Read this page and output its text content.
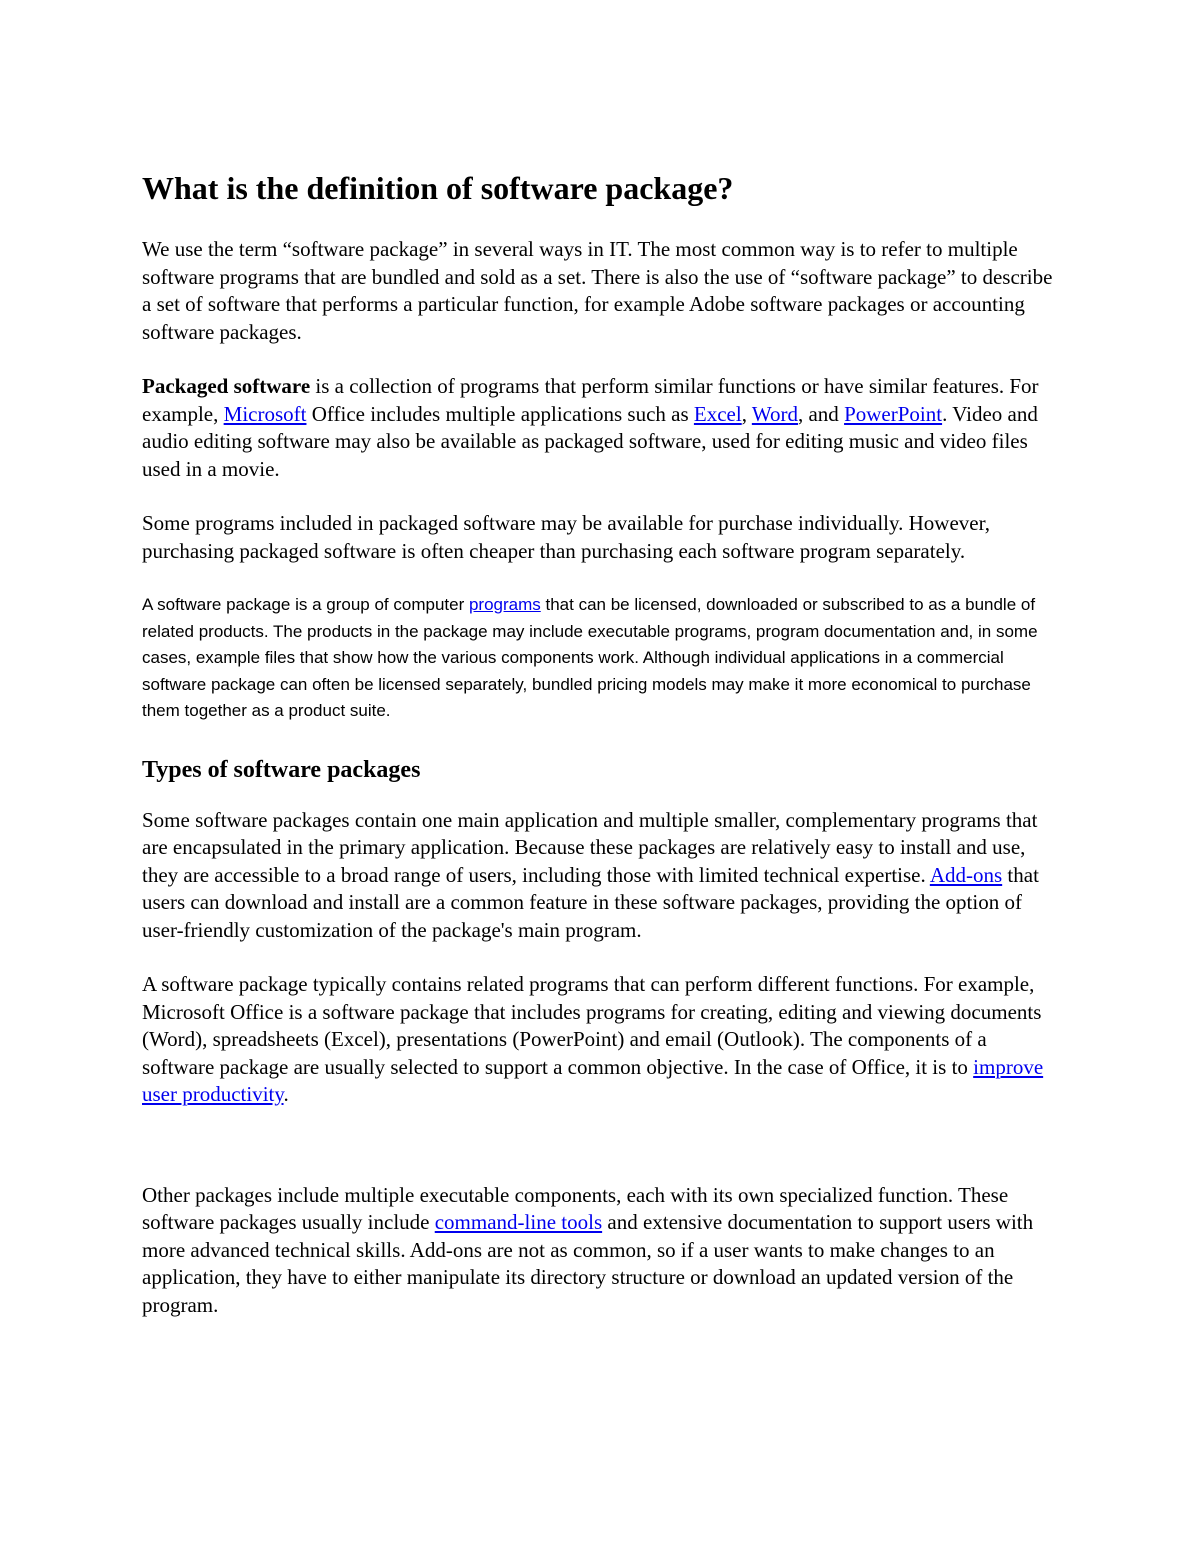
What is the definition of software package?

We use the term “software package” in several ways in IT. The most common way is to refer to multiple software programs that are bundled and sold as a set. There is also the use of “software package” to describe a set of software that performs a particular function, for example Adobe software packages or accounting software packages.

Packaged software is a collection of programs that perform similar functions or have similar features. For example, Microsoft Office includes multiple applications such as Excel, Word, and PowerPoint. Video and audio editing software may also be available as packaged software, used for editing music and video files used in a movie.

Some programs included in packaged software may be available for purchase individually. However, purchasing packaged software is often cheaper than purchasing each software program separately.

A software package is a group of computer programs that can be licensed, downloaded or subscribed to as a bundle of related products. The products in the package may include executable programs, program documentation and, in some cases, example files that show how the various components work. Although individual applications in a commercial software package can often be licensed separately, bundled pricing models may make it more economical to purchase them together as a product suite.

Types of software packages

Some software packages contain one main application and multiple smaller, complementary programs that are encapsulated in the primary application. Because these packages are relatively easy to install and use, they are accessible to a broad range of users, including those with limited technical expertise. Add-ons that users can download and install are a common feature in these software packages, providing the option of user-friendly customization of the package's main program.

A software package typically contains related programs that can perform different functions. For example, Microsoft Office is a software package that includes programs for creating, editing and viewing documents (Word), spreadsheets (Excel), presentations (PowerPoint) and email (Outlook). The components of a software package are usually selected to support a common objective. In the case of Office, it is to improve user productivity.

Other packages include multiple executable components, each with its own specialized function. These software packages usually include command-line tools and extensive documentation to support users with more advanced technical skills. Add-ons are not as common, so if a user wants to make changes to an application, they have to either manipulate its directory structure or download an updated version of the program.
